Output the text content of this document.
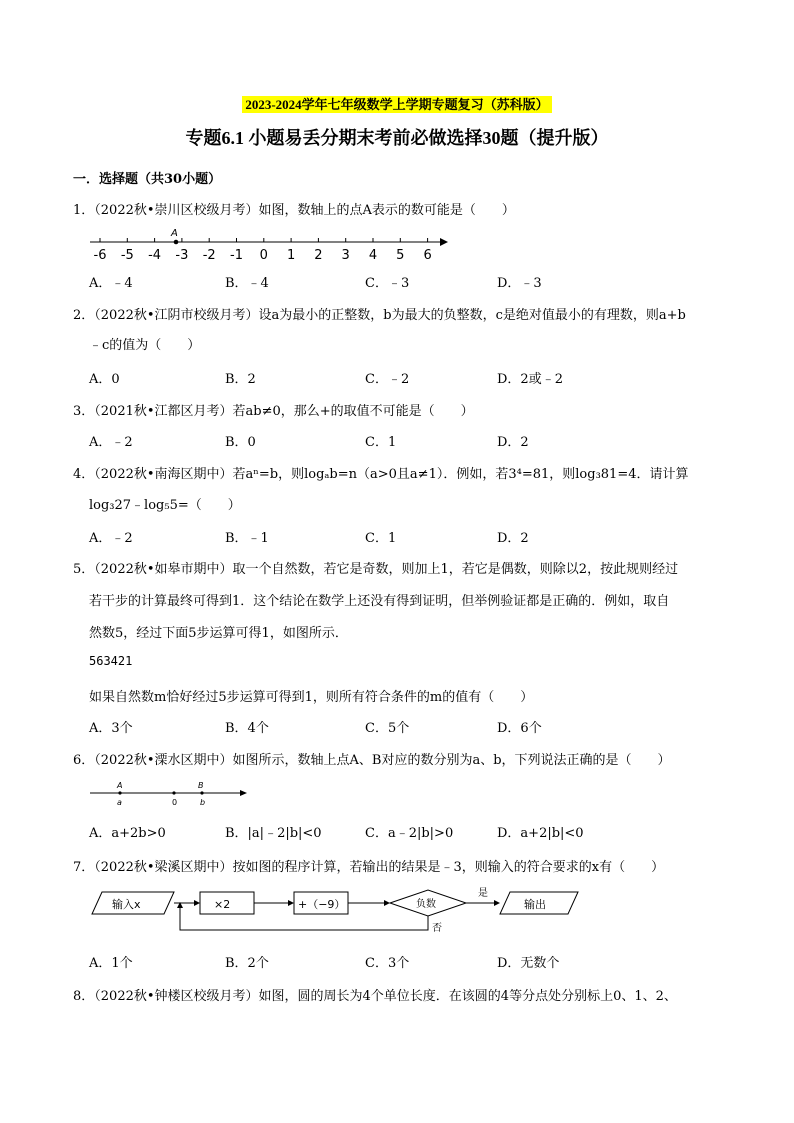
2023-2024学年七年级数学上学期专题复习（苏科版）
专题6.1 小题易丢分期末考前必做选择30题（提升版）
一．选择题（共30小题）
1．（2022秋•崇川区校级月考）如图，数轴上的点A表示的数可能是（　　）
-6 -5 -4 -3 -2 -1 0 1 2 3 4 5 6
A
A．﹣4	B．﹣4	C．﹣3	D．﹣3
2．（2022秋•江阴市校级月考）设a为最小的正整数，b为最大的负整数，c是绝对值最小的有理数，则a+b
﹣c的值为（　　）
A．0	B．2	C．﹣2	D．2或﹣2
3．（2021秋•江都区月考）若ab≠0，那么+的取值不可能是（　　）
A．﹣2	B．0	C．1	D．2
4．（2022秋•南海区期中）若aⁿ=b，则logₐb=n（a>0且a≠1）．例如，若3⁴=81，则log₃81=4．请计算
log₃27﹣log₅5=（　　）
A．﹣2	B．﹣1	C．1	D．2
5．（2022秋•如皋市期中）取一个自然数，若它是奇数，则加上1，若它是偶数，则除以2，按此规则经过
若干步的计算最终可得到1．这个结论在数学上还没有得到证明，但举例验证都是正确的．例如，取自
然数5，经过下面5步运算可得1，如图所示．
563421
如果自然数m恰好经过5步运算可得到1，则所有符合条件的m的值有（　　）
A．3个	B．4个	C．5个	D．6个
6．（2022秋•溧水区期中）如图所示，数轴上点A、B对应的数分别为a、b，下列说法正确的是（　　）
A
a	0
B
b
A．a+2b>0	B．|a|﹣2|b|<0	C．a﹣2|b|>0	D．a+2|b|<0
7．（2022秋•梁溪区期中）按如图的程序计算，若输出的结果是﹣3，则输入的符合要求的x有（　　）
输入x	×2	+（−9）	负数
是
输出
否
A．1个	B．2个	C．3个	D．无数个
8．（2022秋•钟楼区校级月考）如图，圆的周长为4个单位长度．在该圆的4等分点处分别标上0、1、2、
